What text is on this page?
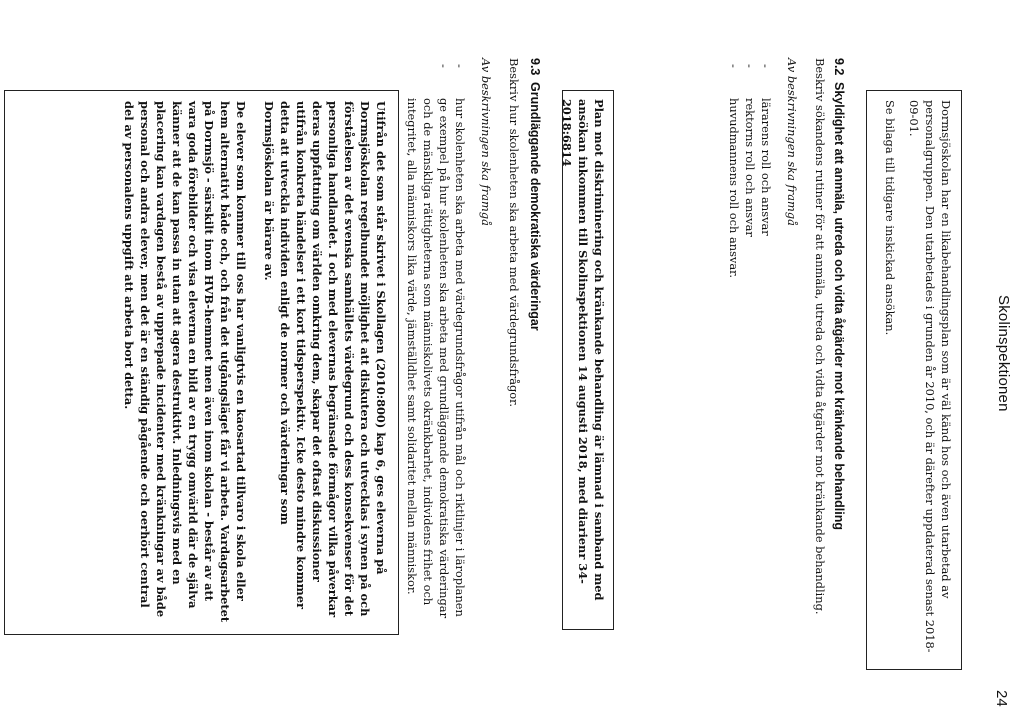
Skolinspektionen
24

Dormsjöskolan har en likabehandlingsplan som är väl känd hos och även utarbetad av personalgruppen. Den utarbetades i grunden år 2010, och är därefter uppdaterad senast 2018-09-01.

Se bilaga till tidigare inskickad ansökan.

9.2Skyldighet att anmäla, utreda och vidta åtgärder mot kränkande behandling

Beskriv sökandens rutiner för att anmäla, utreda och vidta åtgärder mot kränkande behandling.

Av beskrivningen ska framgå

- lärarens roll och ansvar
- rektorns roll och ansvar
- huvudmannens roll och ansvar.
Plan mot diskriminering och kränkande behandling är lämnad i samband med ansökan inkommen till Skolinspektionen 14 augusti 2018, med diarienr 34-2018:6814
9.3Grundläggande demokratiska värderingar

Beskriv hur skolenheten ska arbeta med värdegrundsfrågor.

Av beskrivningen ska framgå

- hur skolenheten ska arbeta med värdegrundsfrågor utifrån mål och riktlinjer i läroplanen
- ge exempel på hur skolenheten ska arbeta med grundläggande demokratiska värderingar och de mänskliga rättigheterna som människolivets okränkbarhet, individens frihet och integritet, alla människors lika värde, jämställdhet samt solidaritet mellan människor.

Utifrån det som står skrivet i Skollagen (2010:800) kap 6, ges eleverna på Dormsjöskolan regelbundet möjlighet att diskutera och utvecklas i synen på och förståelsen av det svenska samhällets värdegrund och dess konsekvenser för det personliga handlandet. I och med elevernas begränsade förmågor vilka påverkar deras uppfattning om världen omkring dem, skapar det oftast diskussioner utifrån konkreta händelser i ett kort tidsperspektiv. Icke desto mindre kommer detta att utveckla individen enligt de normer och värderingar som Dormsjöskolan är bärare av.

De elever som kommer till oss har vanligtvis en kaosartad tillvaro i skola eller hem alternativt både och, och från det utgångsläget får vi arbeta. Vardagsarbetet på Dormsjö - särskilt inom HVB-hemmet men även inom skolan - består av att vara goda förebilder och visa eleverna en bild av en trygg omvärld där de själva känner att de kan passa in utan att agera destruktivt. Inledningsvis med en placering kan vardagen bestå av upprepade incidenter med kränkningar av både personal och andra elever, men det är en ständig pågående och oerhört central del av personalens uppgift att arbeta bort detta.
